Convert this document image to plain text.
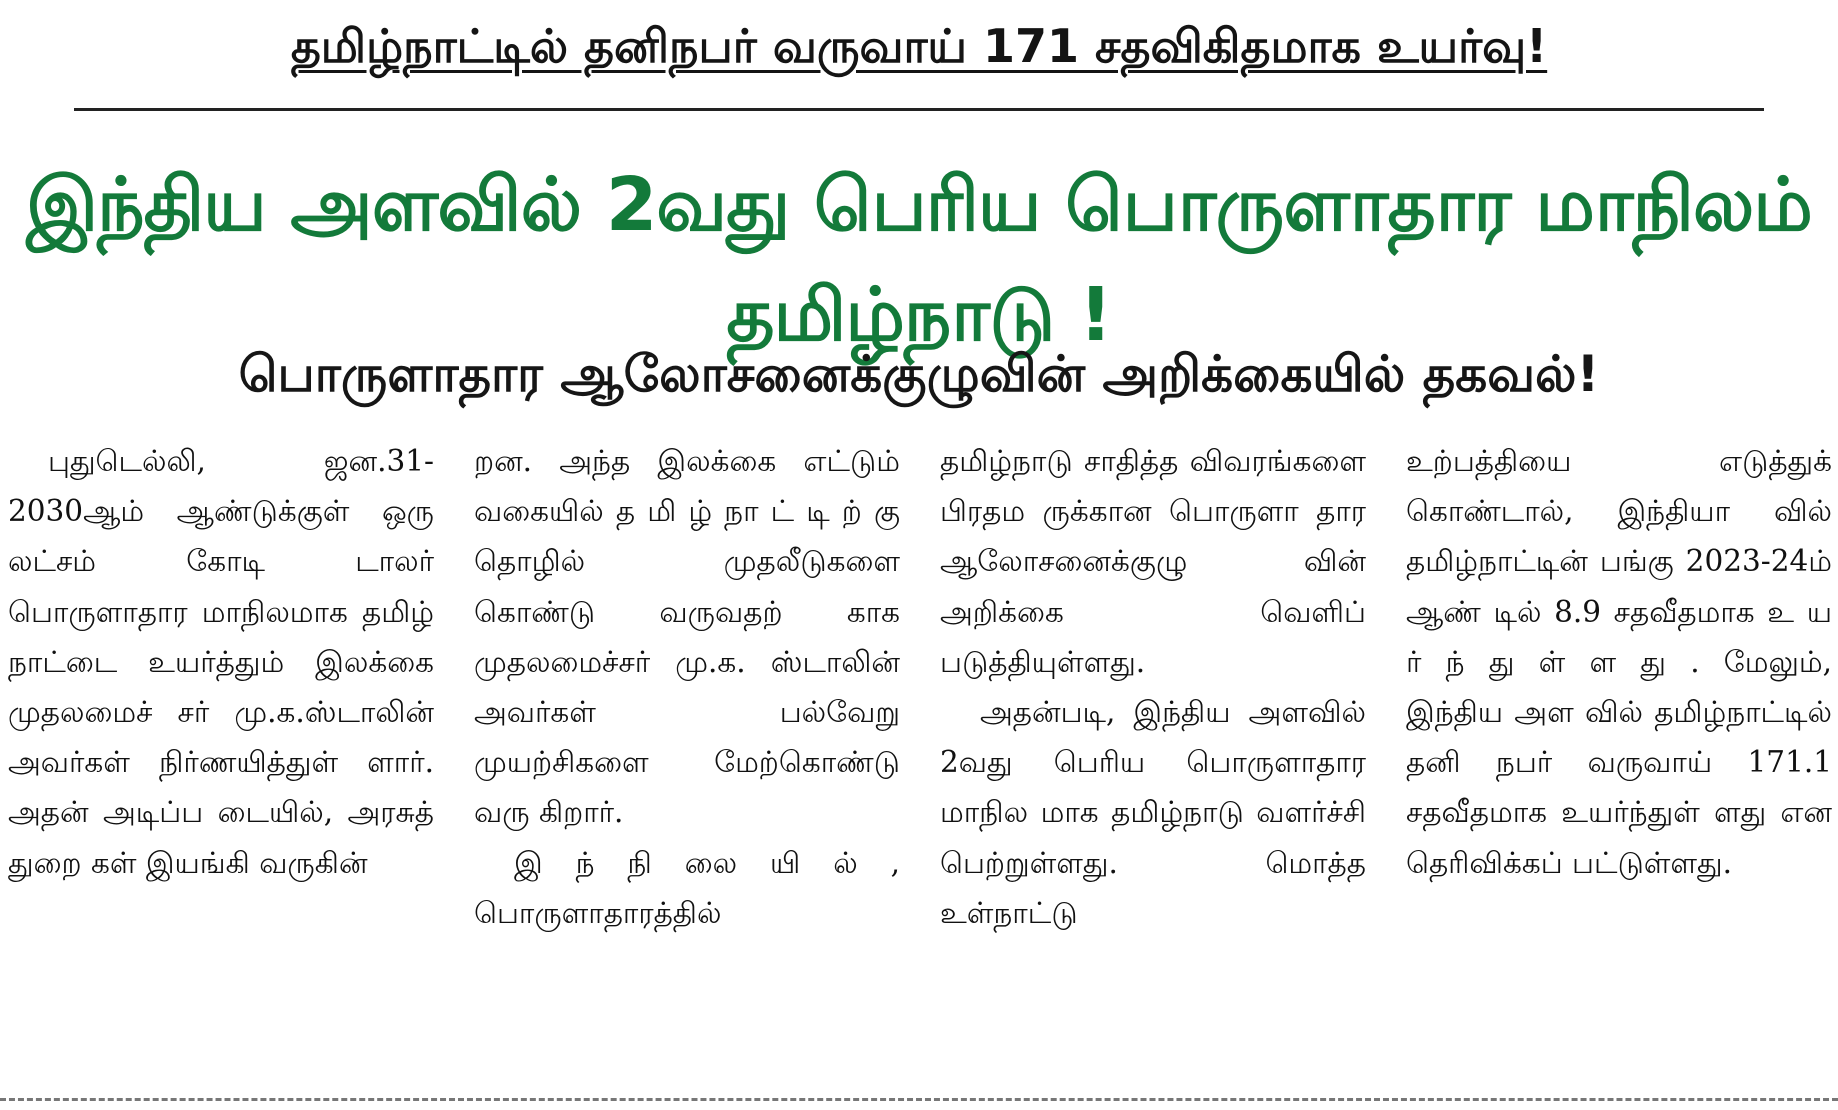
தமிழ்நாட்டில் தனிநபர் வருவாய் 171 சதவிகிதமாக உயர்வு!
இந்திய அளவில் 2வது பெரிய பொருளாதார மாநிலம் தமிழ்நாடு !
பொருளாதார ஆலோசனைக்குழுவின் அறிக்கையில் தகவல்!

புதுடெல்லி, ஜன.31- 2030ஆம் ஆண்டுக்குள் ஒரு லட்சம் கோடி டாலர் பொருளாதார மாநிலமாக தமிழ் நாட்டை உயர்த்தும் இலக்கை முதலமைச் சர் மு.க.ஸ்டாலின் அவர்கள் நிர்ணயித்துள் ளார். அதன் அடிப்ப டையில், அரசுத் துறை கள் இயங்கி வருகின்

றன. அந்த இலக்கை எட்டும் வகையில் த மி ழ் நா ட் டி ற் கு தொழில் முதலீடுகளை கொண்டு வருவதற் காக முதலமைச்சர் மு.க. ஸ்டாலின் அவர்கள் பல்வேறு முயற்சிகளை மேற்கொண்டு வரு கிறார்.

இ ந் நி லை யி ல் , பொருளாதாரத்தில்

தமிழ்நாடு சாதித்த விவரங்களை பிரதம ருக்கான பொருளா தார ஆலோசனைக்குழு வின் அறிக்கை வெளிப் படுத்தியுள்ளது.

அதன்படி, இந்திய அளவில் 2வது பெரிய பொருளாதார மாநில மாக தமிழ்நாடு வளர்ச்சி பெற்றுள்ளது. மொத்த உள்நாட்டு

உற்பத்தியை எடுத்துக் கொண்டால், இந்தியா வில் தமிழ்நாட்டின் பங்கு 2023-24ம் ஆண் டில் 8.9 சதவீதமாக உ ய ர் ந் து ள் ள து . மேலும், இந்திய அள வில் தமிழ்நாட்டில் தனி நபர் வருவாய் 171.1 சதவீதமாக உயர்ந்துள் ளது என தெரிவிக்கப் பட்டுள்ளது.
